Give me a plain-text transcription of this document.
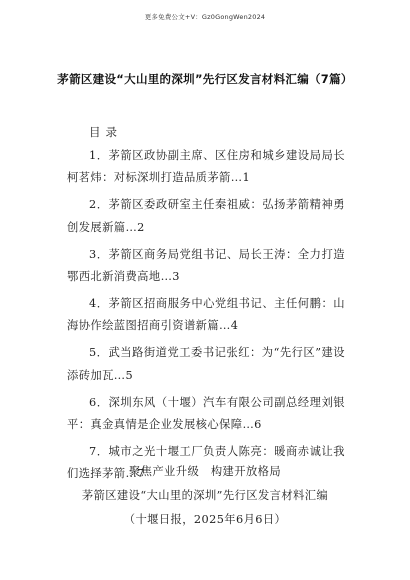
更多免费公文+V：Gz0GongWen2024
茅箭区建设“大山里的深圳”先行区发言材料汇编（7篇）
目录

1．茅箭区政协副主席、区住房和城乡建设局局长柯茗炜：对标深圳打造品质茅箭…1

2．茅箭区委政研室主任秦祖威：弘扬茅箭精神勇创发展新篇…2

3．茅箭区商务局党组书记、局长王涛：全力打造鄂西北新消费高地…3

4．茅箭区招商服务中心党组书记、主任何鹏：山海协作绘蓝图招商引资谱新篇…4

5．武当路街道党工委书记张红：为“先行区”建设添砖加瓦…5

6．深圳东风（十堰）汽车有限公司副总经理刘银平：真金真情是企业发展核心保障…6

7．城市之光十堰工厂负责人陈亮：暖商赤诚让我们选择茅箭…7

聚焦产业升级　构建开放格局
茅箭区建设“大山里的深圳”先行区发言材料汇编
（十堰日报，2025年6月6日）
